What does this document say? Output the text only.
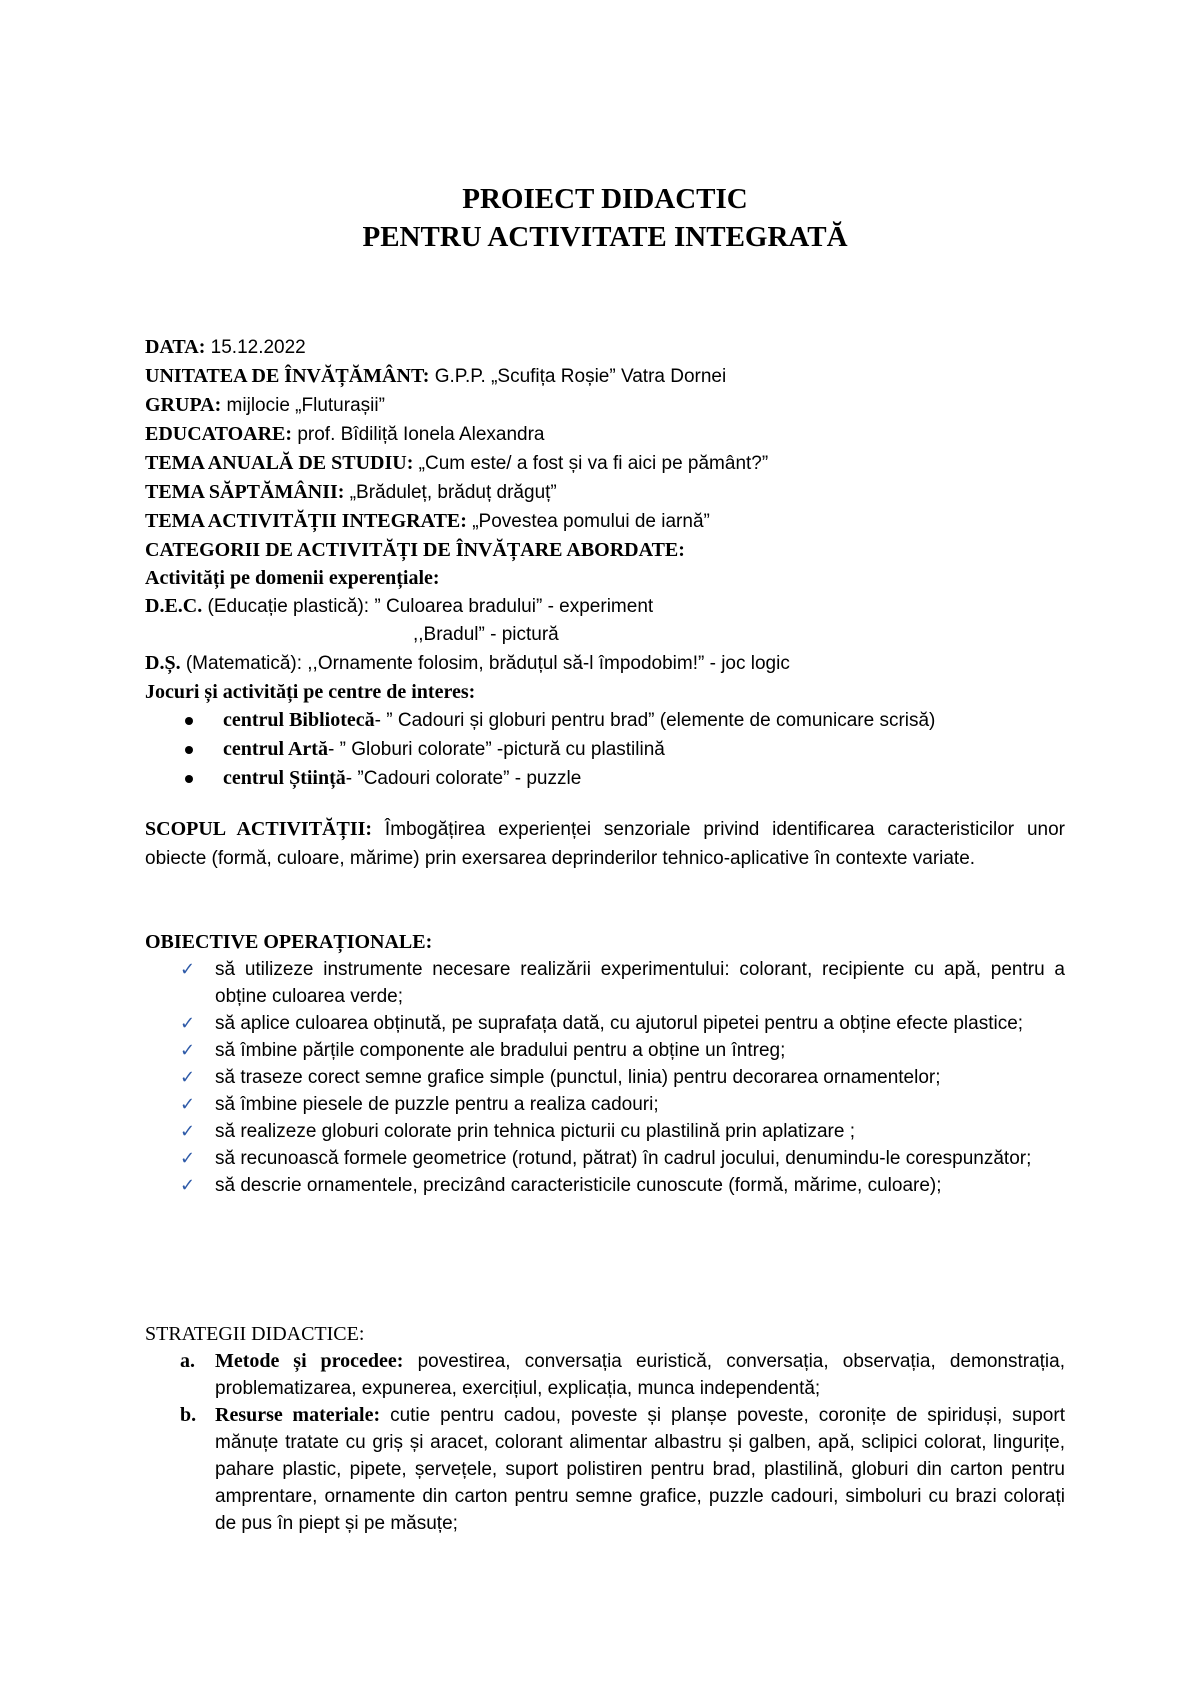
PROIECT DIDACTIC
PENTRU ACTIVITATE INTEGRATĂ
DATA: 15.12.2022
UNITATEA DE ÎNVĂȚĂMÂNT: G.P.P. „Scufița Roșie” Vatra Dornei
GRUPA: mijlocie „Fluturașii”
EDUCATOARE: prof. Bîdiliță Ionela Alexandra
TEMA ANUALĂ DE STUDIU: „Cum este/ a fost și va fi aici pe pământ?”
TEMA SĂPTĂMÂNII: „Brăduleț, brăduț drăguț”
TEMA ACTIVITĂȚII INTEGRATE: „Povestea pomului de iarnă”
CATEGORII DE ACTIVITĂȚI DE ÎNVĂȚARE ABORDATE:
Activități pe domenii experențiale:
D.E.C. (Educație plastică): ” Culoarea bradului” - experiment
,,Bradul” - pictură
D.Ș. (Matematică): ,,Ornamente folosim, brăduțul să-l împodobim!” - joc logic
Jocuri și activități pe centre de interes:
centrul Bibliotecă- ” Cadouri și globuri pentru brad” (elemente de comunicare scrisă)
centrul Artă- ” Globuri colorate” -pictură cu plastilină
centrul Știință- ”Cadouri colorate” - puzzle
SCOPUL ACTIVITĂȚII: Îmbogățirea experienței senzoriale privind identificarea caracteristicilor unor obiecte (formă, culoare, mărime) prin exersarea deprinderilor tehnico-aplicative în contexte variate.
OBIECTIVE OPERAȚIONALE:
✓ să utilizeze instrumente necesare realizării experimentului: colorant, recipiente cu apă, pentru a obține culoarea verde;
✓ să aplice culoarea obținută, pe suprafața dată, cu ajutorul pipetei pentru a obține efecte plastice;
✓ să îmbine părțile componente ale bradului pentru a obține un întreg;
✓ să traseze corect semne grafice simple (punctul, linia) pentru decorarea ornamentelor;
✓ să îmbine piesele de puzzle pentru a realiza cadouri;
✓ să realizeze globuri colorate prin tehnica picturii cu plastilină prin aplatizare ;
✓ să recunoască formele geometrice (rotund, pătrat) în cadrul jocului, denumindu-le corespunzător;
✓ să descrie ornamentele, precizând caracteristicile cunoscute (formă, mărime, culoare);
STRATEGII DIDACTICE:
a. Metode și procedee: povestirea, conversația euristică, conversația, observația, demonstrația, problematizarea, expunerea, exercițiul, explicația, munca independentă;
b. Resurse materiale: cutie pentru cadou, poveste și planșe poveste, coronițe de spiriduși, suport mănuțe tratate cu griș și aracet, colorant alimentar albastru și galben, apă, sclipici colorat, lingurițe, pahare plastic, pipete, șervețele, suport polistiren pentru brad, plastilină, globuri din carton pentru amprentare, ornamente din carton pentru semne grafice, puzzle cadouri, simboluri cu brazi colorați de pus în piept și pe măsuțe;
